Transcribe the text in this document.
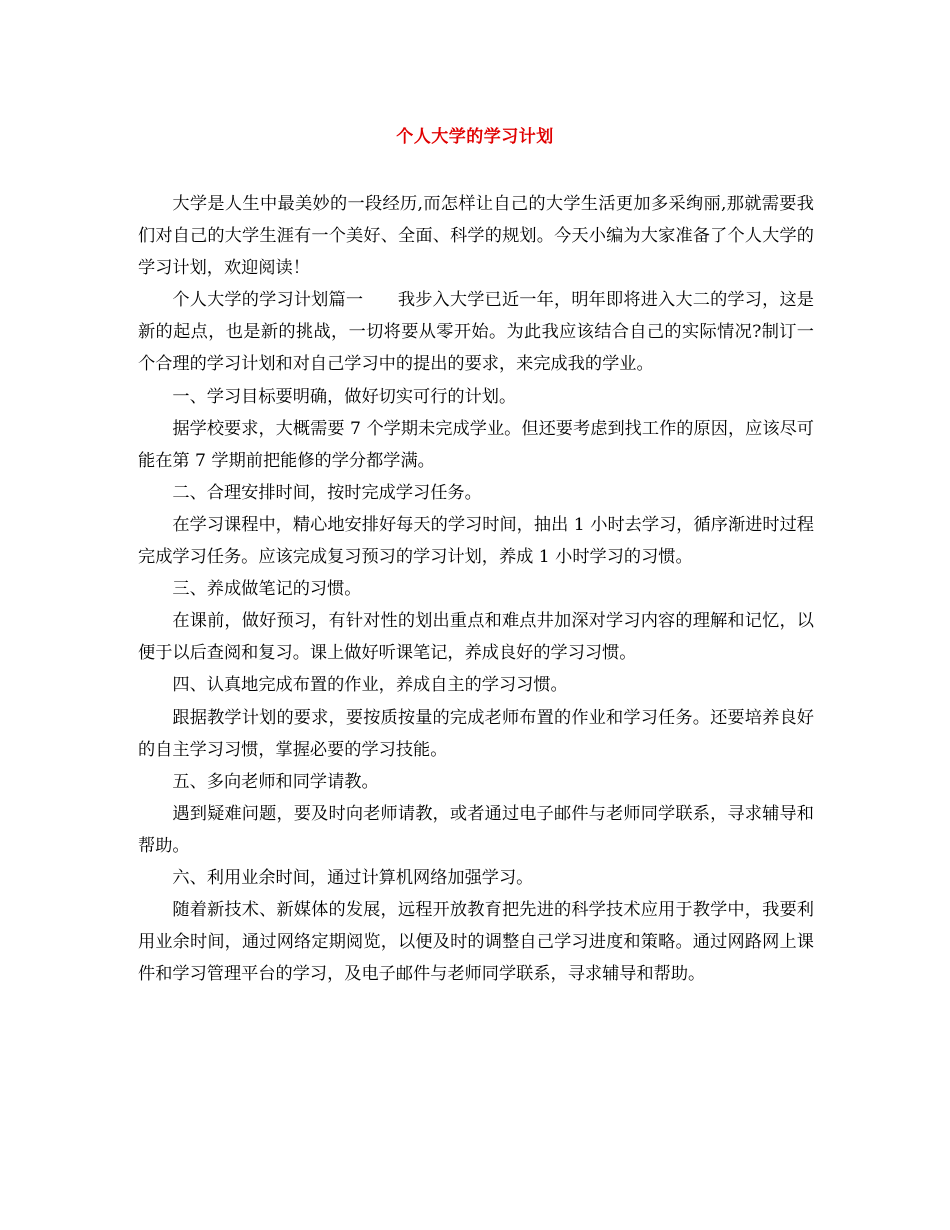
个人大学的学习计划

大学是人生中最美妙的一段经历,而怎样让自己的大学生活更加多采绚丽,那就需要我们对自己的大学生涯有一个美好、全面、科学的规划。今天小编为大家准备了个人大学的学习计划，欢迎阅读！

个人大学的学习计划篇一　　我步入大学已近一年，明年即将进入大二的学习，这是新的起点，也是新的挑战，一切将要从零开始。为此我应该结合自己的实际情况?制订一个合理的学习计划和对自己学习中的提出的要求，来完成我的学业。

一、学习目标要明确，做好切实可行的计划。

据学校要求，大概需要 7 个学期未完成学业。但还要考虑到找工作的原因，应该尽可能在第 7 学期前把能修的学分都学满。

二、合理安排时间，按时完成学习任务。

在学习课程中，精心地安排好每天的学习时间，抽出 1 小时去学习，循序渐进时过程完成学习任务。应该完成复习预习的学习计划，养成 1 小时学习的习惯。

三、养成做笔记的习惯。

在课前，做好预习，有针对性的划出重点和难点井加深对学习内容的理解和记忆，以便于以后查阅和复习。课上做好听课笔记，养成良好的学习习惯。

四、认真地完成布置的作业，养成自主的学习习惯。

跟据教学计划的要求，要按质按量的完成老师布置的作业和学习任务。还要培养良好的自主学习习惯，掌握必要的学习技能。

五、多向老师和同学请教。

遇到疑难问题，要及时向老师请教，或者通过电子邮件与老师同学联系，寻求辅导和帮助。

六、利用业余时间，通过计算机网络加强学习。

随着新技术、新媒体的发展，远程开放教育把先进的科学技术应用于教学中，我要利用业余时间，通过网络定期阅览，以便及时的调整自己学习进度和策略。通过网路网上课件和学习管理平台的学习，及电子邮件与老师同学联系，寻求辅导和帮助。
